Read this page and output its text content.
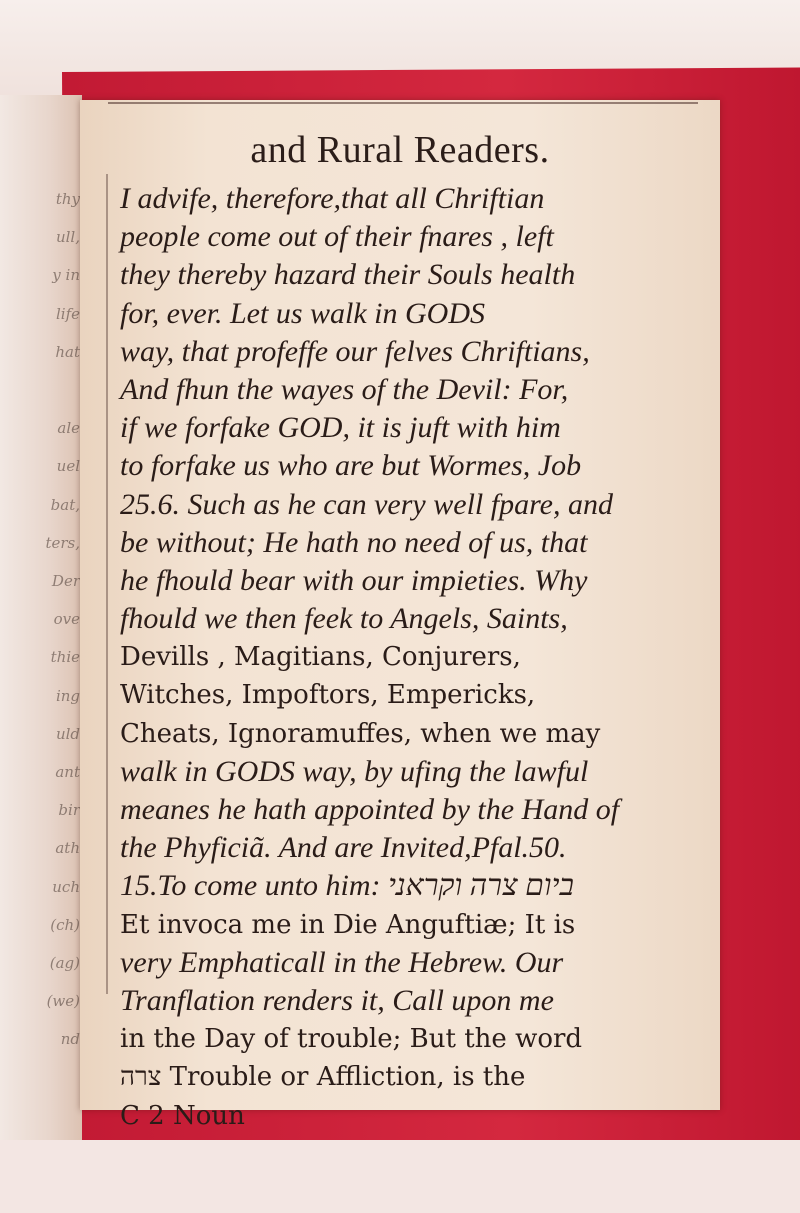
thy
ull,
y in
life
hat
ale
uel
bat,
ters,
Der
ove
thie
ing
uld
ant
bir
ath
uch
(ch)
(ag)
(we)
nd
and Rural Readers.
I advife, therefore,that all Chriftian
people come out of their fnares , left
they thereby hazard their Souls health
for, ever. Let us walk in GODS
way, that profeffe our felves Chriftians,
And fhun the wayes of the Devil: For,
if we forfake GOD, it is juft with him
to forfake us who are but Wormes, Job
25.6. Such as he can very well fpare, and
be without; He hath no need of us, that
he fhould bear with our impieties. Why
fhould we then feek to Angels, Saints,
Devills , Magitians, Conjurers,
Witches, Impoftors, Empericks,
Cheats, Ignoramuffes, when we may
walk in GODS way, by ufing the lawful
meanes he hath appointed by the Hand of
the Phyficiã. And are Invited,Pfal.50.
15.To come unto him: ביום צרה וקראני
Et invoca me in Die Anguftiæ; It is
very Emphaticall in the Hebrew. Our
Tranflation renders it, Call upon me
in the Day of trouble; But the word
צרה Trouble or Affliction, is the
C 2 Noun
